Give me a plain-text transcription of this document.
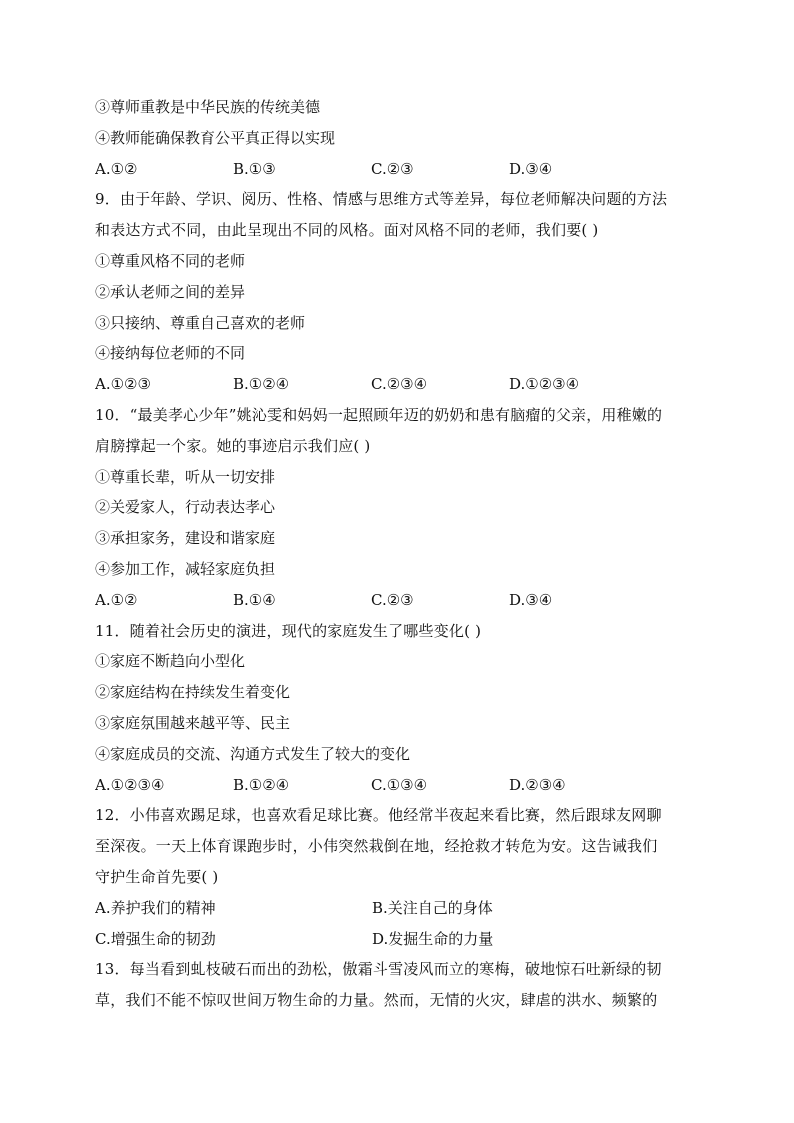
③尊师重教是中华民族的传统美德
④教师能确保教育公平真正得以实现
A.①②	B.①③	C.②③	D.③④
9．由于年龄、学识、阅历、性格、情感与思维方式等差异，每位老师解决问题的方法
和表达方式不同，由此呈现出不同的风格。面对风格不同的老师，我们要( )
①尊重风格不同的老师
②承认老师之间的差异
③只接纳、尊重自己喜欢的老师
④接纳每位老师的不同
A.①②③	B.①②④	C.②③④	D.①②③④
10．“最美孝心少年”姚沁雯和妈妈一起照顾年迈的奶奶和患有脑瘤的父亲，用稚嫩的
肩膀撑起一个家。她的事迹启示我们应( )
①尊重长辈，听从一切安排
②关爱家人，行动表达孝心
③承担家务，建设和谐家庭
④参加工作，减轻家庭负担
A.①②	B.①④	C.②③	D.③④
11．随着社会历史的演进，现代的家庭发生了哪些变化( )
①家庭不断趋向小型化
②家庭结构在持续发生着变化
③家庭氛围越来越平等、民主
④家庭成员的交流、沟通方式发生了较大的变化
A.①②③④	B.①②④	C.①③④	D.②③④
12．小伟喜欢踢足球，也喜欢看足球比赛。他经常半夜起来看比赛，然后跟球友网聊
至深夜。一天上体育课跑步时，小伟突然栽倒在地，经抢救才转危为安。这告诫我们
守护生命首先要( )
A.养护我们的精神	B.关注自己的身体
C.增强生命的韧劲	D.发掘生命的力量
13．每当看到虬枝破石而出的劲松，傲霜斗雪凌风而立的寒梅，破地惊石吐新绿的韧
草，我们不能不惊叹世间万物生命的力量。然而，无情的火灾，肆虐的洪水、频繁的
